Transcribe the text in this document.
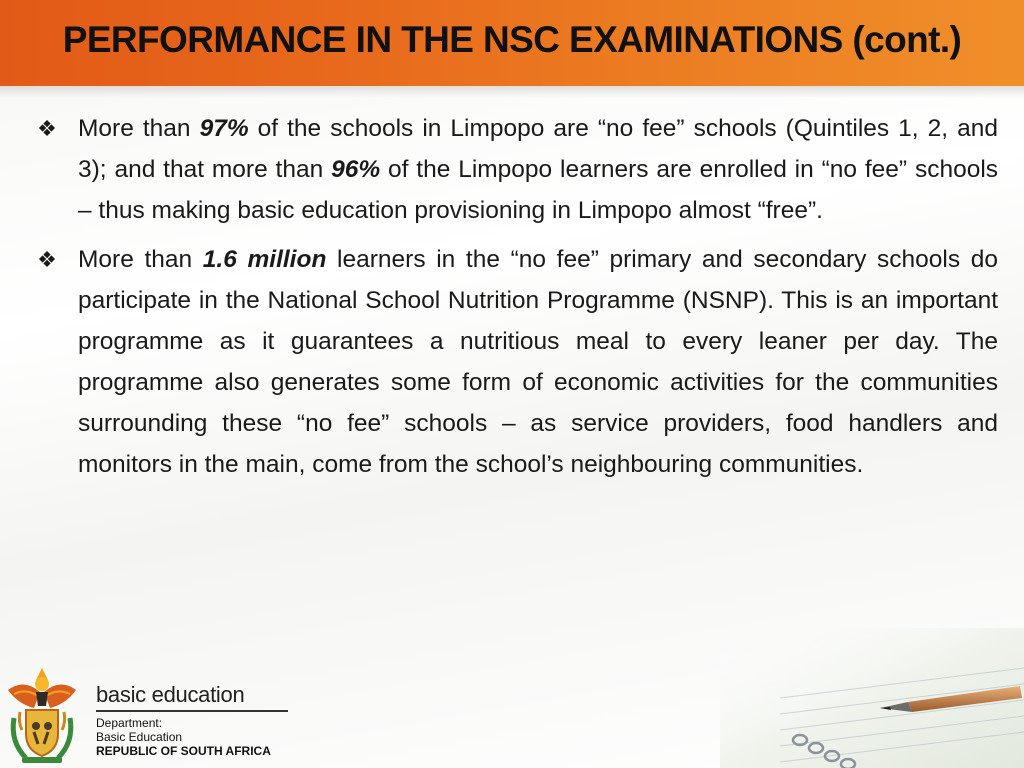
PERFORMANCE IN THE NSC EXAMINATIONS (cont.)
❖ More than 97% of the schools in Limpopo are “no fee” schools (Quintiles 1, 2, and 3); and that more than 96% of the Limpopo learners are enrolled in “no fee” schools – thus making basic education provisioning in Limpopo almost “free”.
❖ More than 1.6 million learners in the “no fee” primary and secondary schools do participate in the National School Nutrition Programme (NSNP). This is an important programme as it guarantees a nutritious meal to every leaner per day. The programme also generates some form of economic activities for the communities surrounding these “no fee” schools – as service providers, food handlers and monitors in the main, come from the school’s neighbouring communities.
basic education
Department:
Basic Education
REPUBLIC OF SOUTH AFRICA
